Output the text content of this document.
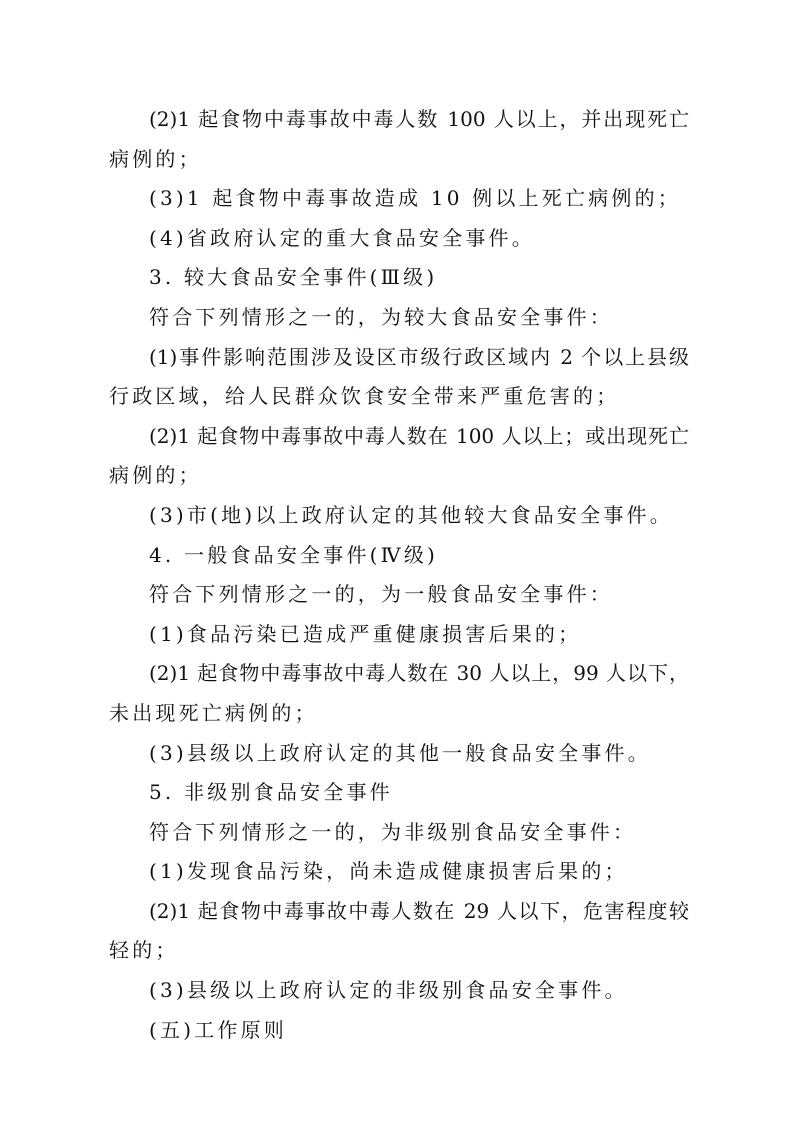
(2)1 起食物中毒事故中毒人数 100 人以上，并出现死亡
病例的；
(3)1 起食物中毒事故造成 10 例以上死亡病例的；
(4)省政府认定的重大食品安全事件。
3. 较大食品安全事件(Ⅲ级)
符合下列情形之一的，为较大食品安全事件：
(1)事件影响范围涉及设区市级行政区域内 2 个以上县级
行政区域，给人民群众饮食安全带来严重危害的；
(2)1 起食物中毒事故中毒人数在 100 人以上；或出现死亡
病例的；
(3)市(地)以上政府认定的其他较大食品安全事件。
4. 一般食品安全事件(Ⅳ级)
符合下列情形之一的，为一般食品安全事件：
(1)食品污染已造成严重健康损害后果的；
(2)1 起食物中毒事故中毒人数在 30 人以上，99 人以下，
未出现死亡病例的；
(3)县级以上政府认定的其他一般食品安全事件。
5. 非级别食品安全事件
符合下列情形之一的，为非级别食品安全事件：
(1)发现食品污染，尚未造成健康损害后果的；
(2)1 起食物中毒事故中毒人数在 29 人以下，危害程度较
轻的；
(3)县级以上政府认定的非级别食品安全事件。
(五)工作原则
